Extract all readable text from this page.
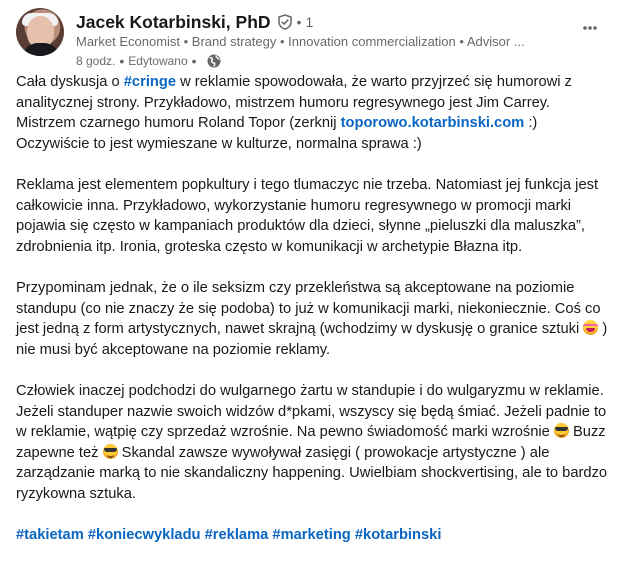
Jacek Kotarbinski, PhD • 1
Market Economist • Brand strategy • Innovation commercialization • Advisor ...
8 godz. • Edytowano •

Cała dyskusja o #cringe w reklamie spowodowała, że warto przyjrzeć się humorowi z analitycznej strony. Przykładowo, mistrzem humoru regresywnego jest Jim Carrey. Mistrzem czarnego humoru Roland Topor (zerknij toporowo.kotarbinski.com :) Oczywiście to jest wymieszane w kulturze, normalna sprawa :)

Reklama jest elementem popkultury i tego tlumaczyc nie trzeba. Natomiast jej funkcja jest całkowicie inna. Przykładowo, wykorzystanie humoru regresywnego w promocji marki pojawia się często w kampaniach produktów dla dzieci, słynne „pieluszki dla maluszka”, zdrobnienia itp. Ironia, groteska często w komunikacji w archetypie Błazna itp.

Przypominam jednak, że o ile seksizm czy przekleństwa są akceptowane na poziomie standupu (co nie znaczy że się podoba) to już w komunikacji marki, niekoniecznie. Coś co jest jedną z form artystycznych, nawet skrajną (wchodzimy w dyskusję o granice sztuki  ) nie musi być akceptowane na poziomie reklamy.

Człowiek inaczej podchodzi do wulgarnego żartu w standupie i do wulgaryzmu w reklamie. Jeżeli standuper nazwie swoich widzów d*pkami, wszyscy się będą śmiać. Jeżeli padnie to w reklamie, wątpię czy sprzedaż wzrośnie. Na pewno świadomość marki wzrośnie  Buzz zapewne też  Skandal zawsze wywoływał zasięgi ( prowokacje artystyczne ) ale zarządzanie marką to nie skandaliczny happening. Uwielbiam shockvertising, ale to bardzo ryzykowna sztuka.

#takietam #koniecwykladu #reklama #marketing #kotarbinski
